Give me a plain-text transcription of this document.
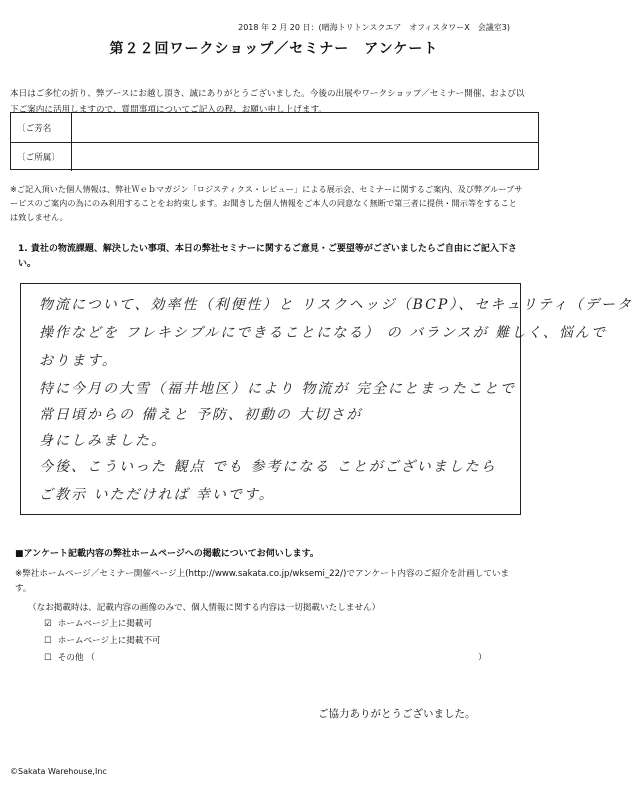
2018 年 2 月 20 日：(晴海トリトンスクエア　オフィスタワーX　会議室3)
第２２回ワークショップ／セミナー　アンケート
本日はご多忙の折り、弊ブースにお越し頂き、誠にありがとうございました。今後の出展やワークショップ／セミナー開催、および以下ご案内に活用しますので、質問事項についてご記入の程、お願い申し上げます。
〔ご芳名
〔ご所属〕
※ご記入頂いた個人情報は、弊社Ｗｅｂマガジン「ロジスティクス・レビュー」による展示会、セミナーに関するご案内、及び弊グループサービスのご案内の為にのみ利用することをお約束します。お聞きした個人情報をご本人の同意なく無断で第三者に提供・開示等をすることは致しません。
1. 貴社の物流課題、解決したい事項、本日の弊社セミナーに関するご意見・ご要望等がございましたらご自由にご記入下さい。
物流について、効率性（利便性）と リスクヘッジ（BCP）、セキュリティ（データ
操作などを フレキシブルにできることになる） の バランスが 難しく、悩んで
おります。
特に今月の大雪（福井地区）により 物流が 完全にとまったことで
常日頃からの 備えと 予防、初動の 大切さが
身にしみました。
今後、こういった 観点 でも 参考になる ことがございましたら
ご教示 いただければ 幸いです。
■アンケート記載内容の弊社ホームページへの掲載についてお伺いします。
※弊社ホームページ／セミナー開催ページ上(http://www.sakata.co.jp/wksemi_22/)でアンケート内容のご紹介を計画しています。
（なお掲載時は、記載内容の画像のみで、個人情報に関する内容は一切掲載いたしません）
☑ ホームページ上に掲載可
☐ ホームページ上に掲載不可
☐ その他 （	）
ご協力ありがとうございました。
©Sakata Warehouse,Inc
